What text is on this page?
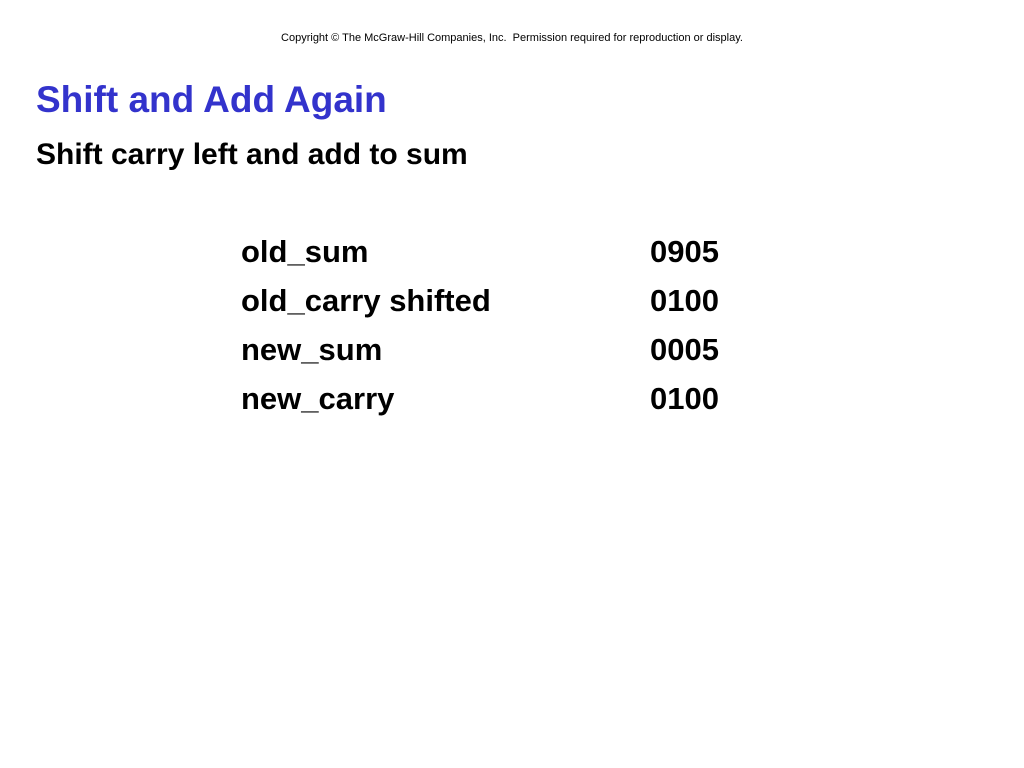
Copyright © The McGraw-Hill Companies, Inc.  Permission required for reproduction or display.
Shift and Add Again
Shift carry left and add to sum
old_sum	0905
old_carry shifted	0100
new_sum	0005
new_carry	0100
